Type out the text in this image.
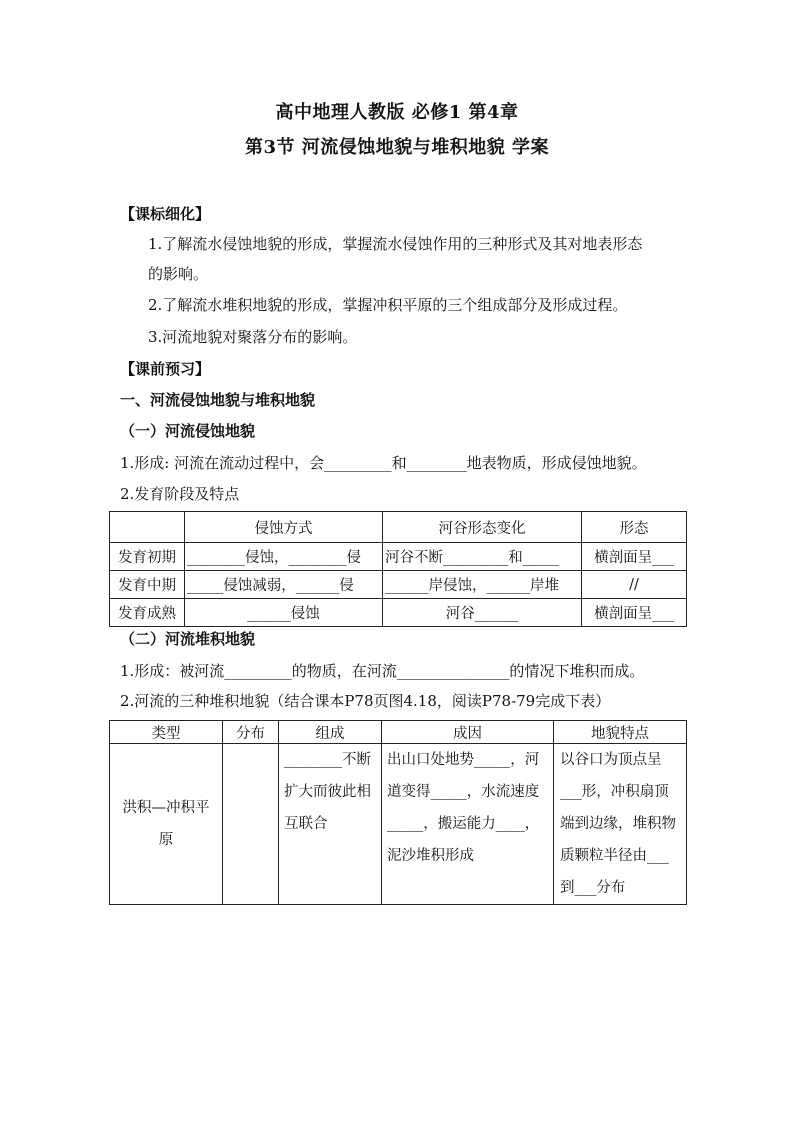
高中地理人教版 必修1 第4章
第3节 河流侵蚀地貌与堆积地貌 学案
【课标细化】
1.了解流水侵蚀地貌的形成，掌握流水侵蚀作用的三种形式及其对地表形态
的影响。
2.了解流水堆积地貌的形成，掌握冲积平原的三个组成部分及形成过程。
3.河流地貌对聚落分布的影响。
【课前预习】
一、河流侵蚀地貌与堆积地貌
（一）河流侵蚀地貌
1.形成: 河流在流动过程中，会_________和________地表物质，形成侵蚀地貌。
2.发育阶段及特点
	侵蚀方式	河谷形态变化	形态
发育初期	________侵蚀，________侵	河谷不断_________和_____	横剖面呈___
发育中期	_____侵蚀减弱，______侵	______岸侵蚀，______岸堆	//
发育成熟	______侵蚀	河谷______	横剖面呈___
（二）河流堆积地貌
1.形成：被河流_________的物质，在河流_______________的情况下堆积而成。
2.河流的三种堆积地貌（结合课本P78页图4.18，阅读P78-79完成下表）
类型	分布	组成	成因	地貌特点
洪积—冲积平原		________不断扩大而彼此相互联合	出山口处地势_____，河道变得_____，水流速度_____，搬运能力____，泥沙堆积形成	以谷口为顶点呈___形，冲积扇顶端到边缘，堆积物质颗粒半径由___到___分布
